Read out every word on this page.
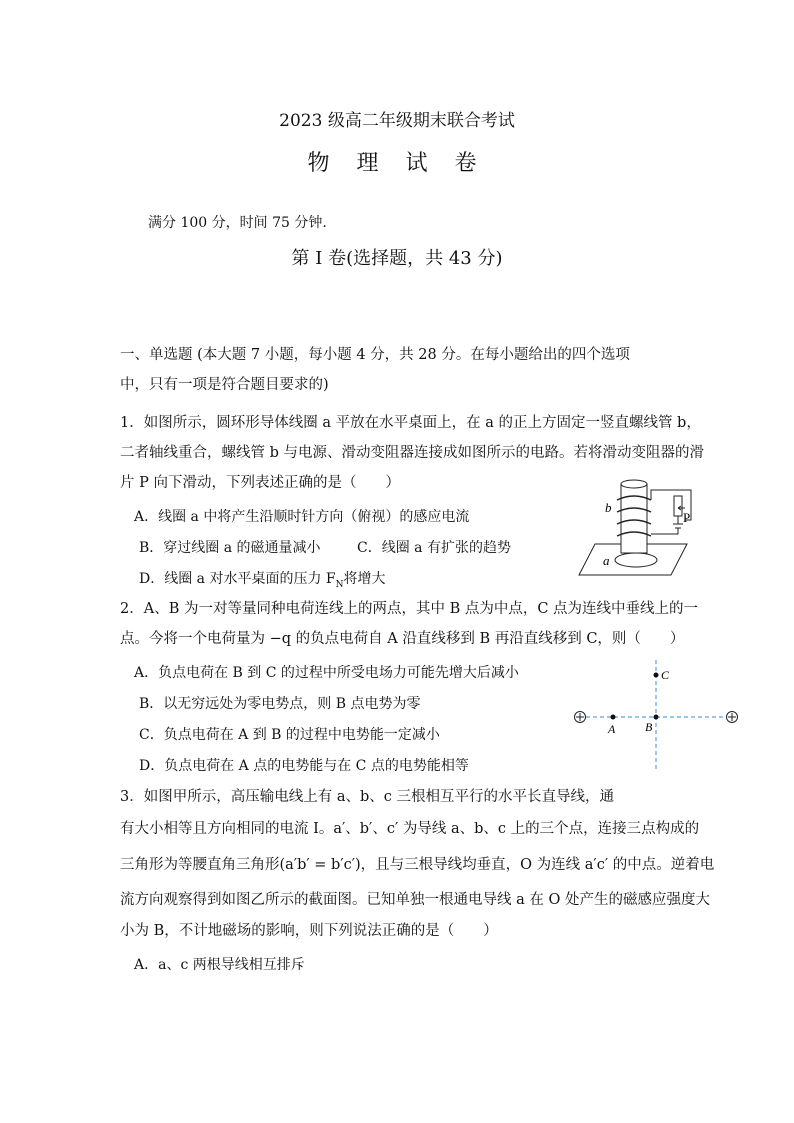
2023 级高二年级期末联合考试
物 理 试 卷
满分 100 分，时间 75 分钟.
第 I 卷(选择题，共 43 分)
一、单选题 (本大题 7 小题，每小题 4 分，共 28 分。在每小题给出的四个选项
中，只有一项是符合题目要求的)
1．如图所示，圆环形导体线圈 a 平放在水平桌面上，在 a 的正上方固定一竖直螺线管 b，
二者轴线重合，螺线管 b 与电源、滑动变阻器连接成如图所示的电路。若将滑动变阻器的滑
片 P 向下滑动，下列表述正确的是（　　）
A．线圈 a 中将产生沿顺时针方向（俯视）的感应电流
B．穿过线圈 a 的磁通量减小	C．线圈 a 有扩张的趋势
D．线圈 a 对水平桌面的压力 $F_N$将增大
b
P
a
2．A、B 为一对等量同种电荷连线上的两点，其中 B 点为中点，C 点为连线中垂线上的一
点。今将一个电荷量为 −q 的负点电荷自 A 沿直线移到 B 再沿直线移到 C，则（　　）
A．负点电荷在 B 到 C 的过程中所受电场力可能先增大后减小
B．以无穷远处为零电势点，则 B 点电势为零
C．负点电荷在 A 到 B 的过程中电势能一定减小
D．负点电荷在 A 点的电势能与在 C 点的电势能相等
A B
C
3．如图甲所示，高压输电线上有 a、b、c 三根相互平行的水平长直导线，通
有大小相等且方向相同的电流 I。a′、b′、c′ 为导线 a、b、c 上的三个点，连接三点构成的
三角形为等腰直角三角形(a′b′ = b′c′)，且与三根导线均垂直，O 为连线 a′c′ 的中点。逆着电
流方向观察得到如图乙所示的截面图。已知单独一根通电导线 a 在 O 处产生的磁感应强度大
小为 B，不计地磁场的影响，则下列说法正确的是（　　）
A．a、c 两根导线相互排斥
